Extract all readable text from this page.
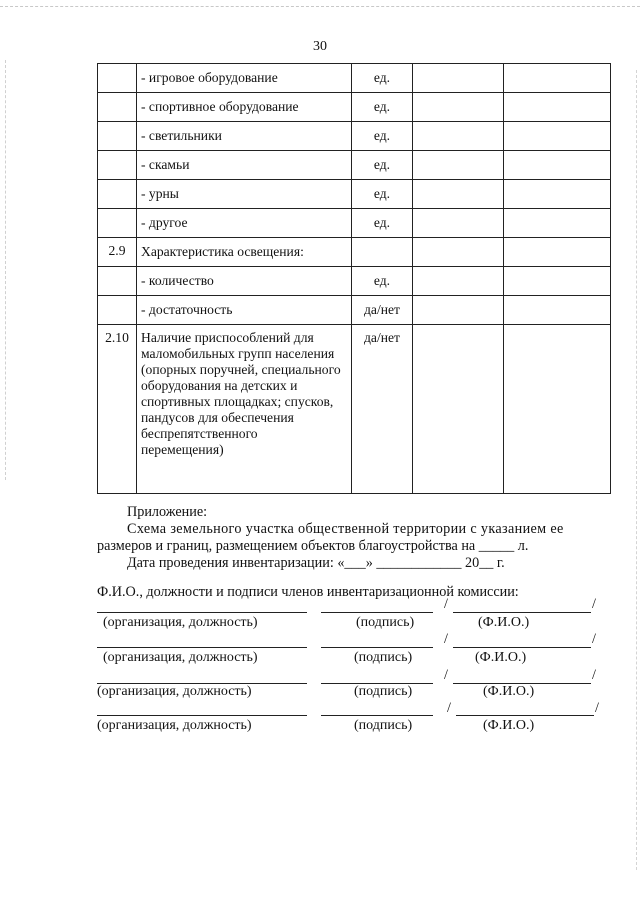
30
	- игровое оборудование	ед.		
	- спортивное оборудование	ед.		
	- светильники	ед.		
	- скамьи	ед.		
	- урны	ед.		
	- другое	ед.		
2.9	Характеристика освещения:			
	- количество	ед.		
	- достаточность	да/нет		
2.10	Наличие приспособлений для маломобильных групп населения (опорных поручней, специального оборудования на детских и спортивных площадках; спусков, пандусов для обеспечения беспрепятственного перемещения)	да/нет		
Приложение:
Схема земельного участка общественной территории с указанием ее
размеров и границ, размещением объектов благоустройства на _____ л.
Дата проведения инвентаризации: «___» ____________ 20__ г.
Ф.И.О., должности и подписи членов инвентаризационной комиссии:
/	/
(организация, должность)	(подпись)	(Ф.И.О.)
/	/
(организация, должность)	(подпись)	(Ф.И.О.)
/	/
(организация, должность)	(подпись)	(Ф.И.О.)
/	/
(организация, должность)	(подпись)	(Ф.И.О.)
